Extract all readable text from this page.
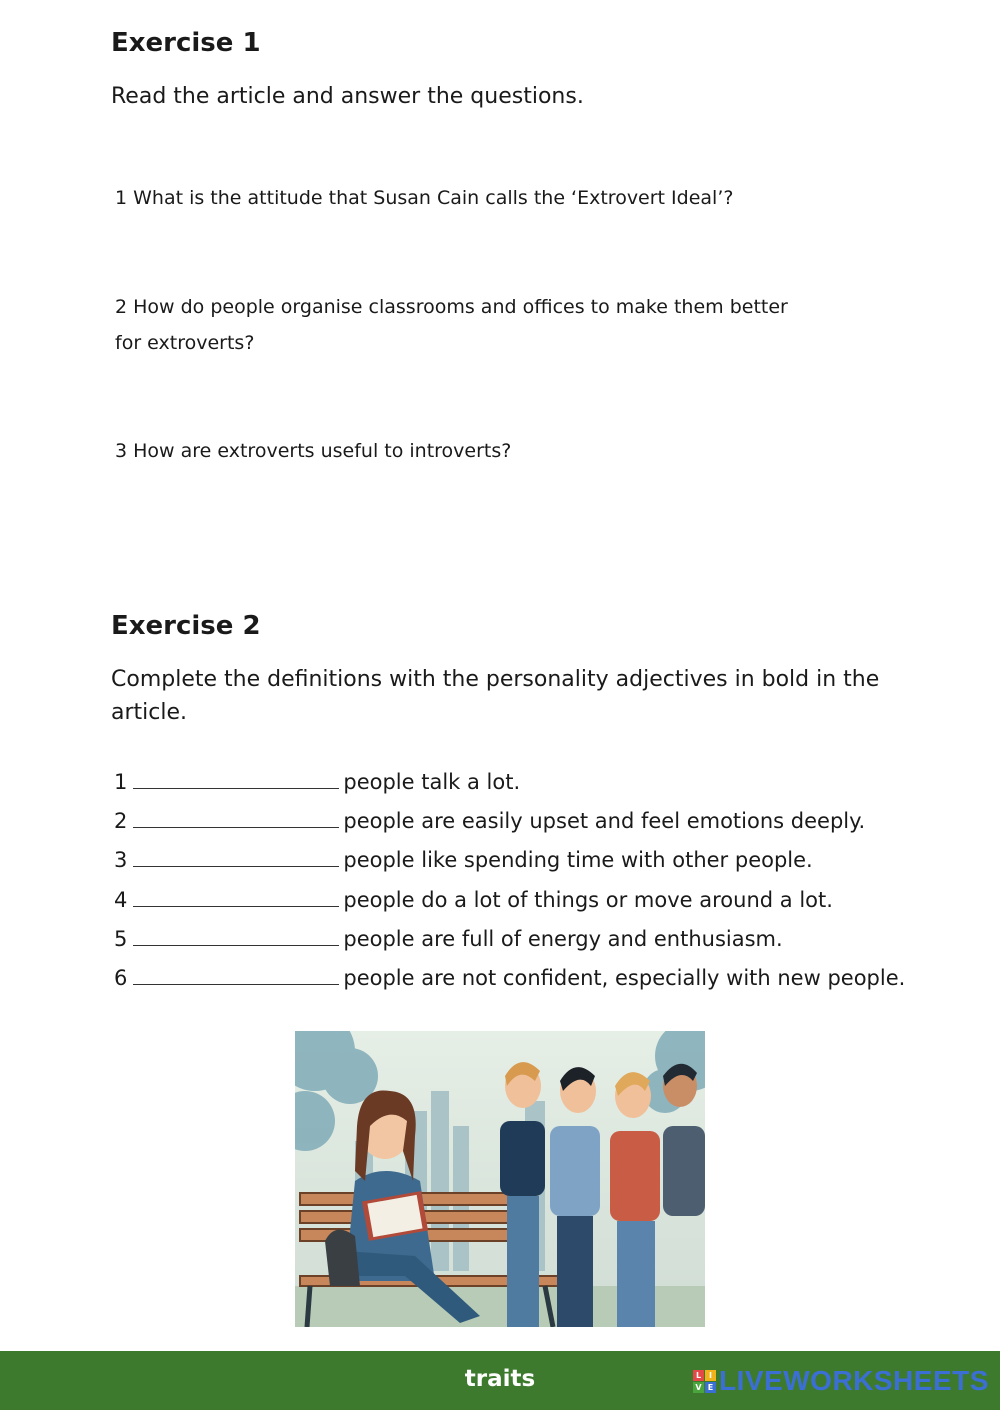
Exercise 1
Read the article and answer the questions.
1 What is the attitude that Susan Cain calls the ‘Extrovert Ideal’?
2 How do people organise classrooms and offices to make them better
for extroverts?
3 How are extroverts useful to introverts?
Exercise 2
Complete the definitions with the personality adjectives in bold in the
article.
1	people talk a lot.
2	people are easily upset and feel emotions deeply.
3	people like spending time with other people.
4	people do a lot of things or move around a lot.
5	people are full of energy and enthusiasm.
6	people are not confident, especially with new people.
traits	L I
V E LIVEWORKSHEETS
